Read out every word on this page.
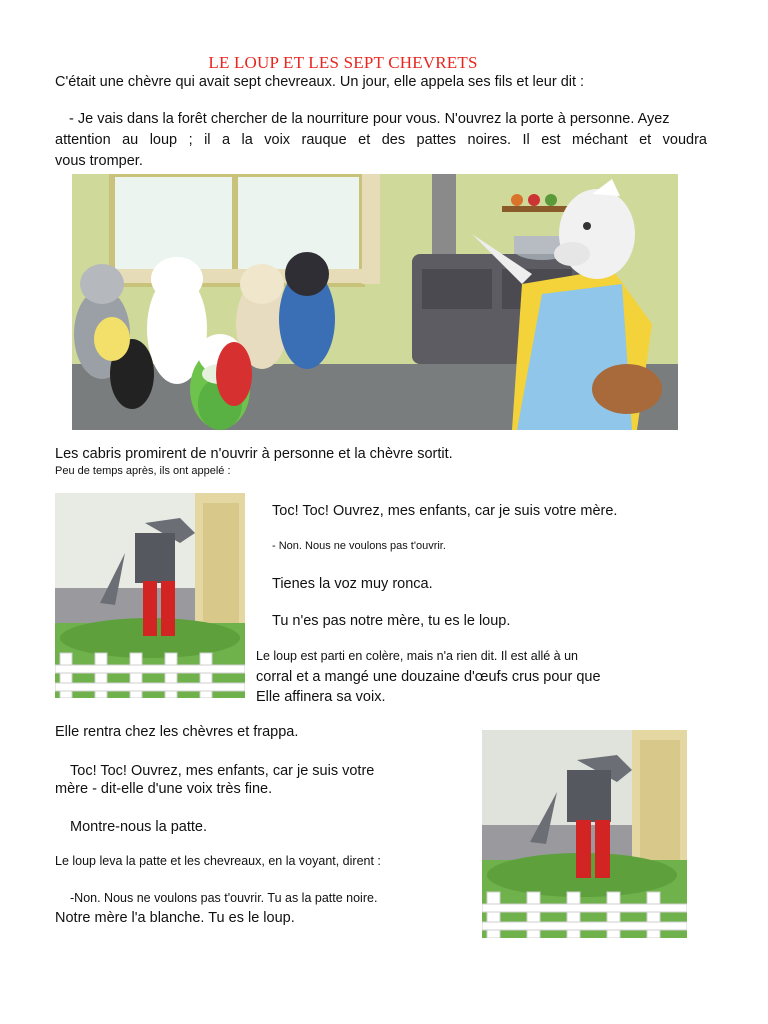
LE LOUP ET LES SEPT CHEVRETS
C'était une chèvre qui avait sept chevreaux. Un jour, elle appela ses fils et leur dit :
- Je vais dans la forêt chercher de la nourriture pour vous. N'ouvrez la porte à personne. Ayez
attention au loup ; il a la voix rauque et des pattes noires. Il est méchant et voudra
vous tromper.
Les cabris promirent de n'ouvrir à personne et la chèvre sortit.
Peu de temps après, ils ont appelé :
Toc! Toc! Ouvrez, mes enfants, car je suis votre mère.
- Non. Nous ne voulons pas t'ouvrir.
Tienes la voz muy ronca.
Tu n'es pas notre mère, tu es le loup.
Le loup est parti en colère, mais n'a rien dit. Il est allé à un
corral et a mangé une douzaine d'œufs crus pour que
Elle affinera sa voix.
Elle rentra chez les chèvres et frappa.
Toc! Toc! Ouvrez, mes enfants, car je suis votre
mère - dit-elle d'une voix très fine.
Montre-nous la patte.
Le loup leva la patte et les chevreaux, en la voyant, dirent :
-Non. Nous ne voulons pas t'ouvrir. Tu as la patte noire.
Notre mère l'a blanche. Tu es le loup.
